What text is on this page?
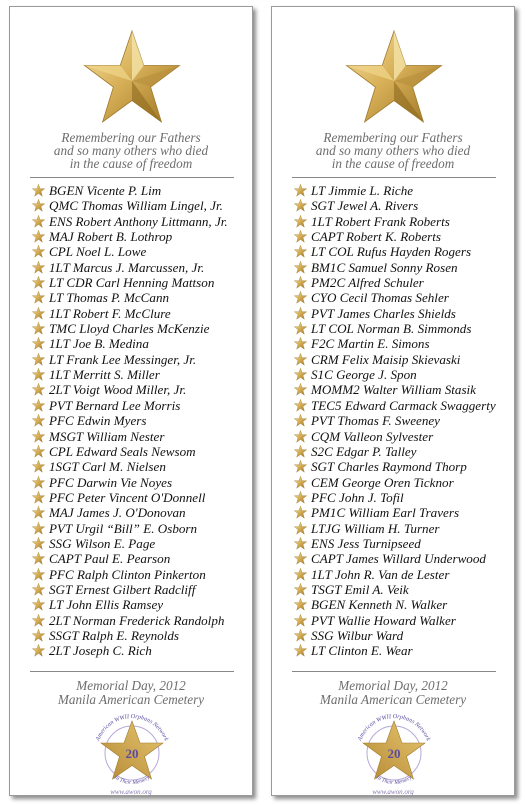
Remembering our Fathers
and so many others who died
in the cause of freedom
BGEN Vicente P. Lim
QMC Thomas William Lingel, Jr.
ENS Robert Anthony Littmann, Jr.
MAJ Robert B. Lothrop
CPL Noel L. Lowe
1LT Marcus J. Marcussen, Jr.
LT CDR Carl Henning Mattson
LT Thomas P. McCann
1LT Robert F. McClure
TMC Lloyd Charles McKenzie
1LT Joe B. Medina
LT Frank Lee Messinger, Jr.
1LT Merritt S. Miller
2LT Voigt Wood Miller, Jr.
PVT Bernard Lee Morris
PFC Edwin Myers
MSGT William Nester
CPL Edward Seals Newsom
1SGT Carl M. Nielsen
PFC Darwin Vie Noyes
PFC Peter Vincent O'Donnell
MAJ James J. O'Donovan
PVT Urgil “Bill” E. Osborn
SSG Wilson E. Page
CAPT Paul E. Pearson
PFC Ralph Clinton Pinkerton
SGT Ernest Gilbert Radcliff
LT John Ellis Ramsey
2LT Norman Frederick Randolph
SSGT Ralph E. Reynolds
2LT Joseph C. Rich
Memorial Day, 2012
Manila American Cemetery
American WWII Orphans Network
20
In Their Memory
www.awon.org
Remembering our Fathers
and so many others who died
in the cause of freedom
LT Jimmie L. Riche
SGT Jewel A. Rivers
1LT Robert Frank Roberts
CAPT Robert K. Roberts
LT COL Rufus Hayden Rogers
BM1C Samuel Sonny Rosen
PM2C Alfred Schuler
CYO Cecil Thomas Sehler
PVT James Charles Shields
LT COL Norman B. Simmonds
F2C Martin E. Simons
CRM Felix Maisip Skievaski
S1C George J. Spon
MOMM2 Walter William Stasik
TEC5 Edward Carmack Swaggerty
PVT Thomas F. Sweeney
CQM Valleon Sylvester
S2C Edgar P. Talley
SGT Charles Raymond Thorp
CEM George Oren Ticknor
PFC John J. Tofil
PM1C William Earl Travers
LTJG William H. Turner
ENS Jess Turnipseed
CAPT James Willard Underwood
1LT John R. Van de Lester
TSGT Emil A. Veik
BGEN Kenneth N. Walker
PVT Wallie Howard Walker
SSG Wilbur Ward
LT Clinton E. Wear
Memorial Day, 2012
Manila American Cemetery
American WWII Orphans Network
20
In Their Memory
www.awon.org
